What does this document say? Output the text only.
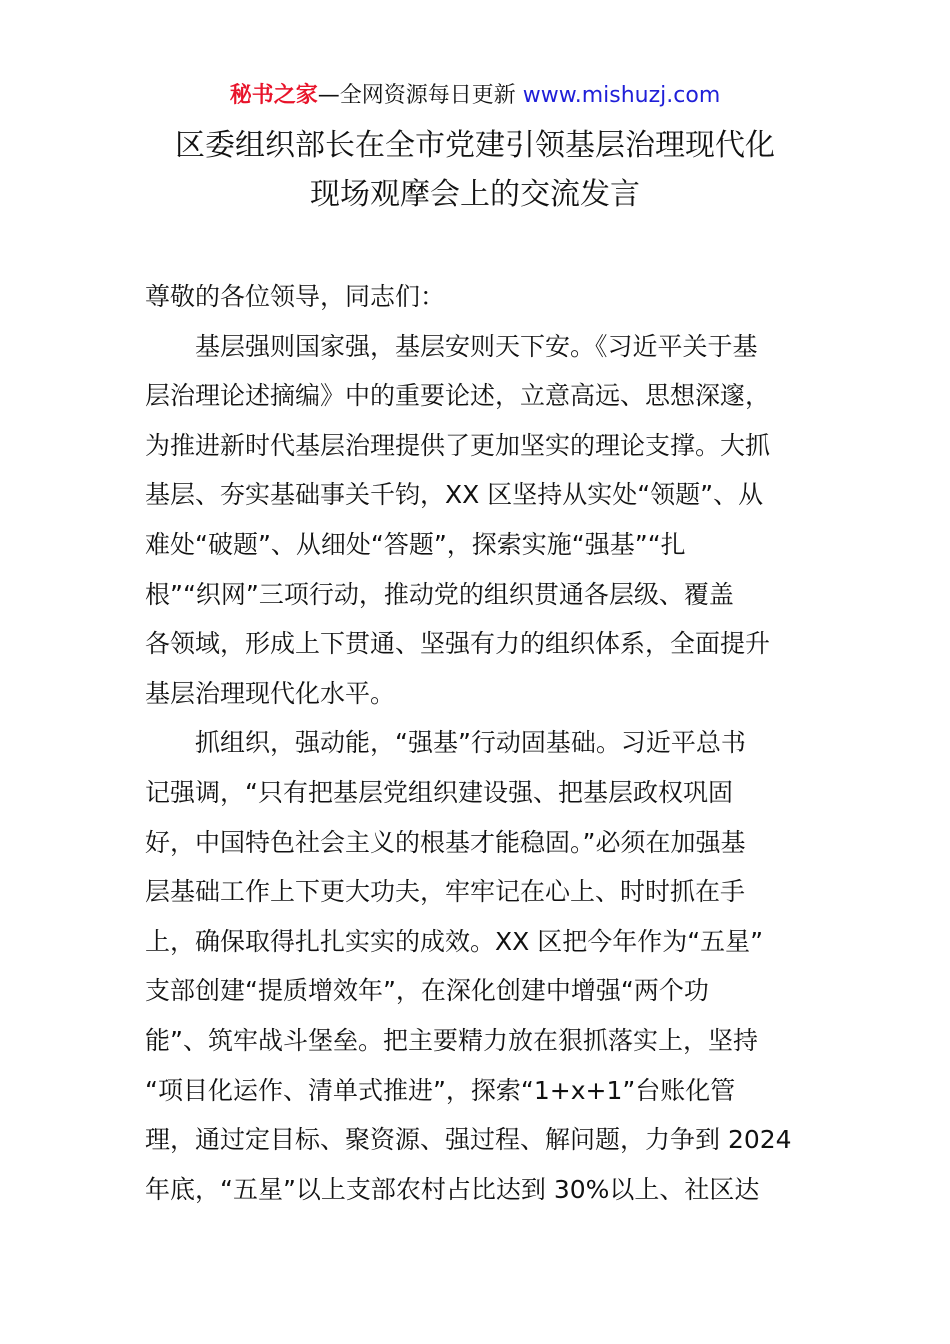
秘书之家—全网资源每日更新 www.mishuzj.com
区委组织部长在全市党建引领基层治理现代化
现场观摩会上的交流发言
尊敬的各位领导，同志们：
基层强则国家强，基层安则天下安。《习近平关于基
层治理论述摘编》中的重要论述，立意高远、思想深邃，
为推进新时代基层治理提供了更加坚实的理论支撑。大抓
基层、夯实基础事关千钧，XX 区坚持从实处“领题”、从
难处“破题”、从细处“答题”，探索实施“强基”“扎
根”“织网”三项行动，推动党的组织贯通各层级、覆盖
各领域，形成上下贯通、坚强有力的组织体系，全面提升
基层治理现代化水平。
抓组织，强动能，“强基”行动固基础。习近平总书
记强调，“只有把基层党组织建设强、把基层政权巩固
好，中国特色社会主义的根基才能稳固。”必须在加强基
层基础工作上下更大功夫，牢牢记在心上、时时抓在手
上，确保取得扎扎实实的成效。XX 区把今年作为“五星”
支部创建“提质增效年”，在深化创建中增强“两个功
能”、筑牢战斗堡垒。把主要精力放在狠抓落实上，坚持
“项目化运作、清单式推进”，探索“1+x+1”台账化管
理，通过定目标、聚资源、强过程、解问题，力争到 2024
年底，“五星”以上支部农村占比达到 30%以上、社区达
